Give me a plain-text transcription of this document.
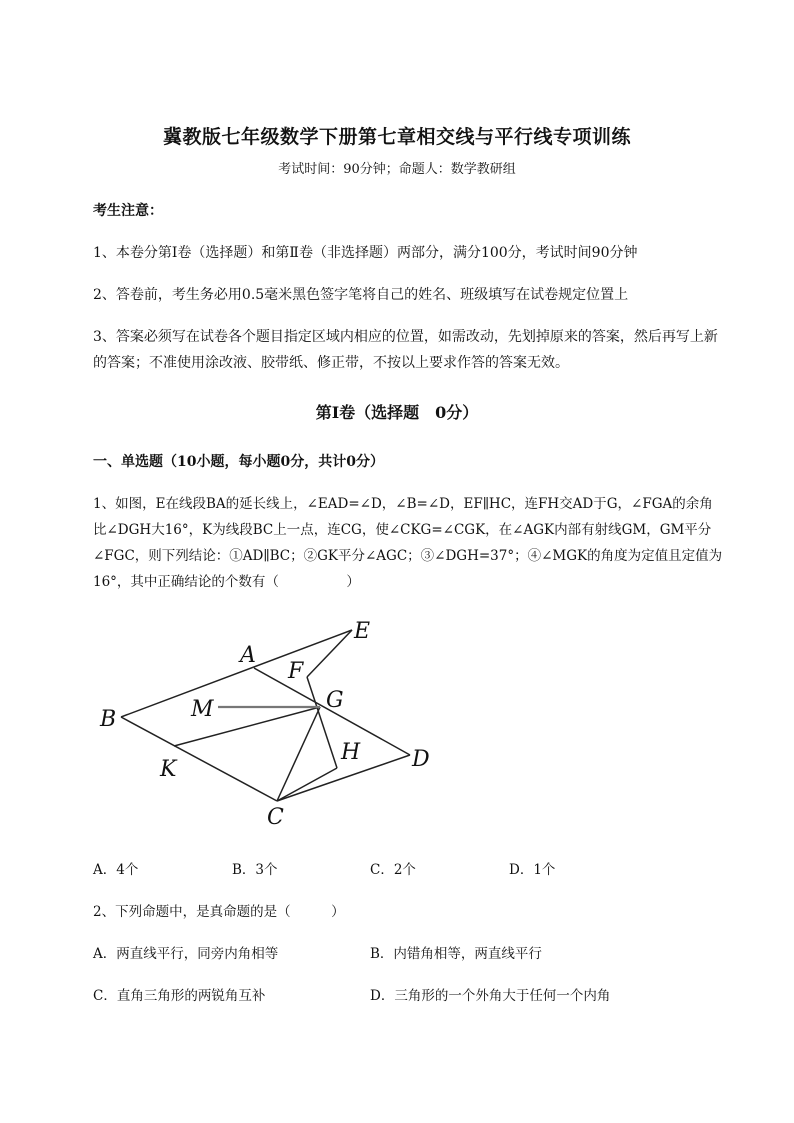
冀教版七年级数学下册第七章相交线与平行线专项训练
考试时间：90分钟；命题人：数学教研组
考生注意：
1、本卷分第I卷（选择题）和第Ⅱ卷（非选择题）两部分，满分100分，考试时间90分钟
2、答卷前，考生务必用0.5毫米黑色签字笔将自己的姓名、班级填写在试卷规定位置上
3、答案必须写在试卷各个题目指定区域内相应的位置，如需改动，先划掉原来的答案，然后再写上新
的答案；不准使用涂改液、胶带纸、修正带，不按以上要求作答的答案无效。
第I卷（选择题　0分）
一、单选题（10小题，每小题0分，共计0分）
1、如图，E在线段BA的延长线上，∠EAD=∠D，∠B=∠D，EF∥HC，连FH交AD于G，∠FGA的余角
比∠DGH大16°，K为线段BC上一点，连CG，使∠CKG=∠CGK，在∠AGK内部有射线GM，GM平分
∠FGC，则下列结论：①AD∥BC；②GK平分∠AGC；③∠DGH=37°；④∠MGK的角度为定值且定值为
16°，其中正确结论的个数有（　　　　　）
A
B
C
D
E
F
G
H
K
M
A．4个	B．3个	C．2个	D．1个
2、下列命题中，是真命题的是（　　　）
A．两直线平行，同旁内角相等	B．内错角相等，两直线平行
C．直角三角形的两锐角互补	D．三角形的一个外角大于任何一个内角
